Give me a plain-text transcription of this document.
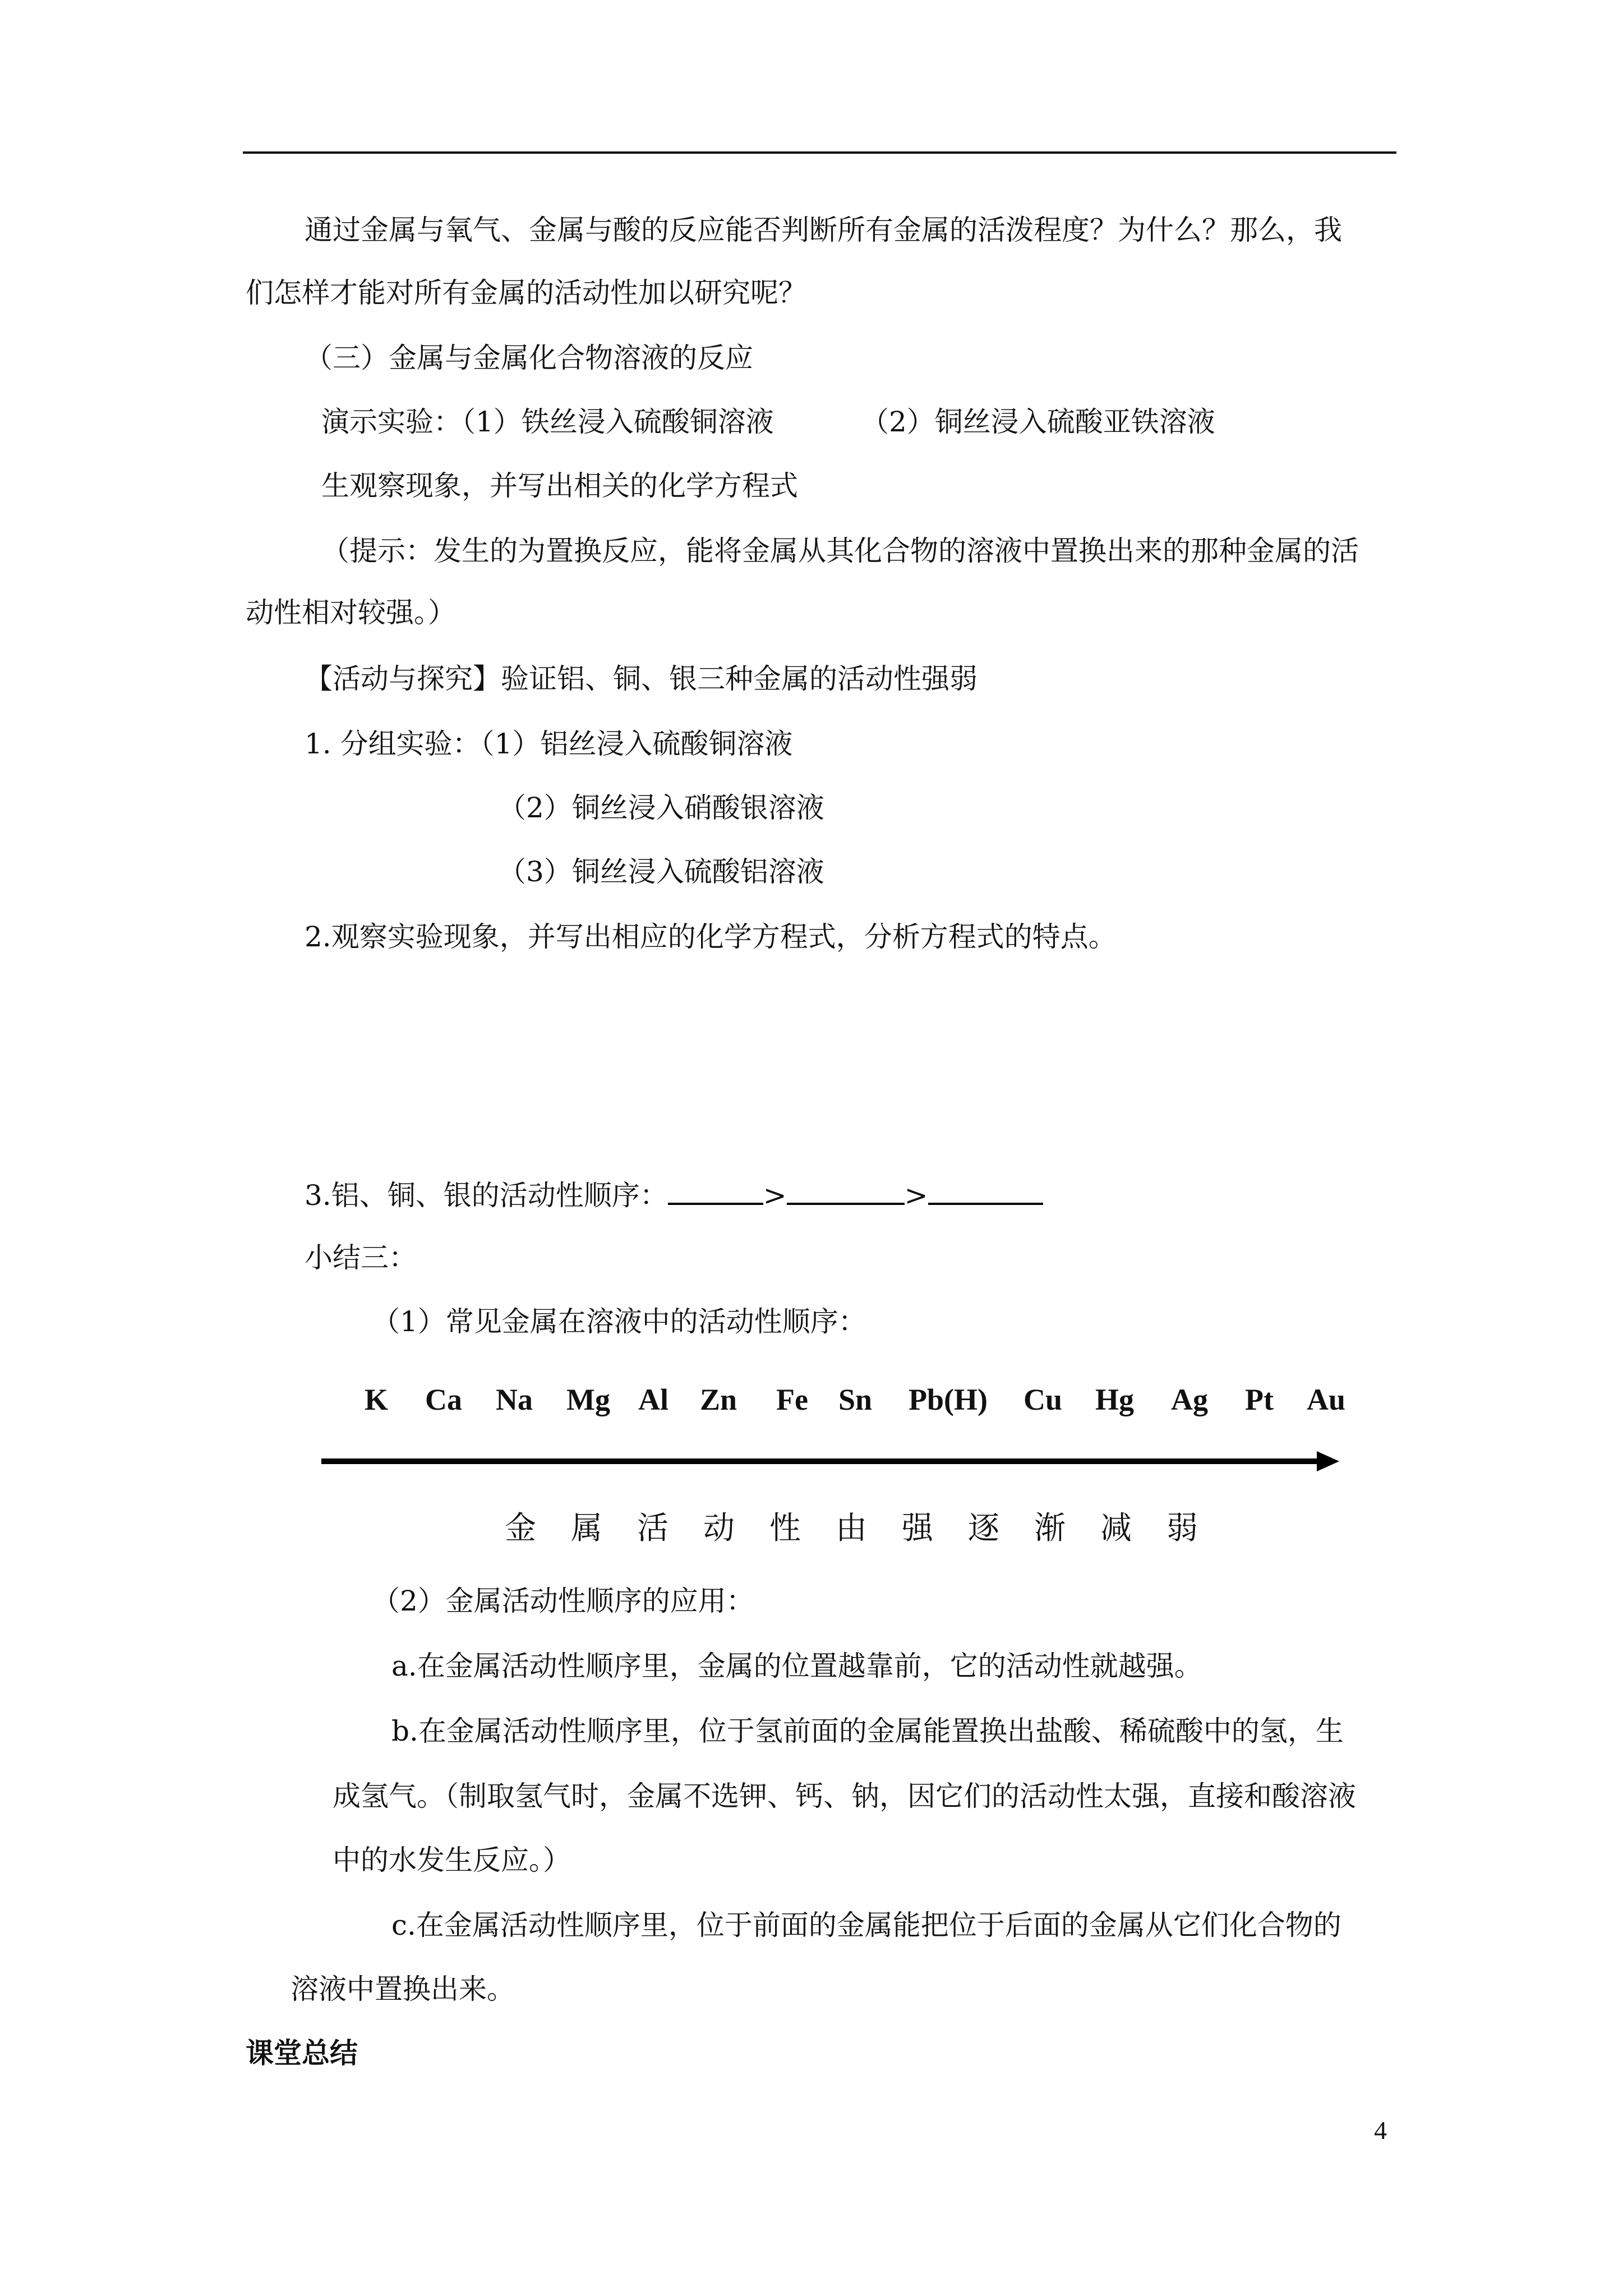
通过金属与氧气、金属与酸的反应能否判断所有金属的活泼程度？为什么？那么，我
们怎样才能对所有金属的活动性加以研究呢？
（三）金属与金属化合物溶液的反应
演示实验：（1）铁丝浸入硫酸铜溶液	（2）铜丝浸入硫酸亚铁溶液
生观察现象，并写出相关的化学方程式
（提示：发生的为置换反应，能将金属从其化合物的溶液中置换出来的那种金属的活
动性相对较强。）
【活动与探究】验证铝、铜、银三种金属的活动性强弱
1. 分组实验：（1）铝丝浸入硫酸铜溶液
（2）铜丝浸入硝酸银溶液
（3）铜丝浸入硫酸铝溶液
2.观察实验现象，并写出相应的化学方程式，分析方程式的特点。
3.铝、铜、银的活动性顺序：	>	>
小结三：
（1）常见金属在溶液中的活动性顺序：
K Ca Na Mg Al Zn Fe Sn Pb(H) Cu Hg Ag Pt Au
金 属 活 动 性 由 强 逐 渐 减 弱
（2）金属活动性顺序的应用：
a.在金属活动性顺序里，金属的位置越靠前，它的活动性就越强。
b.在金属活动性顺序里，位于氢前面的金属能置换出盐酸、稀硫酸中的氢，生
成氢气。（制取氢气时，金属不选钾、钙、钠，因它们的活动性太强，直接和酸溶液
中的水发生反应。）
c.在金属活动性顺序里，位于前面的金属能把位于后面的金属从它们化合物的
溶液中置换出来。
课堂总结
4
